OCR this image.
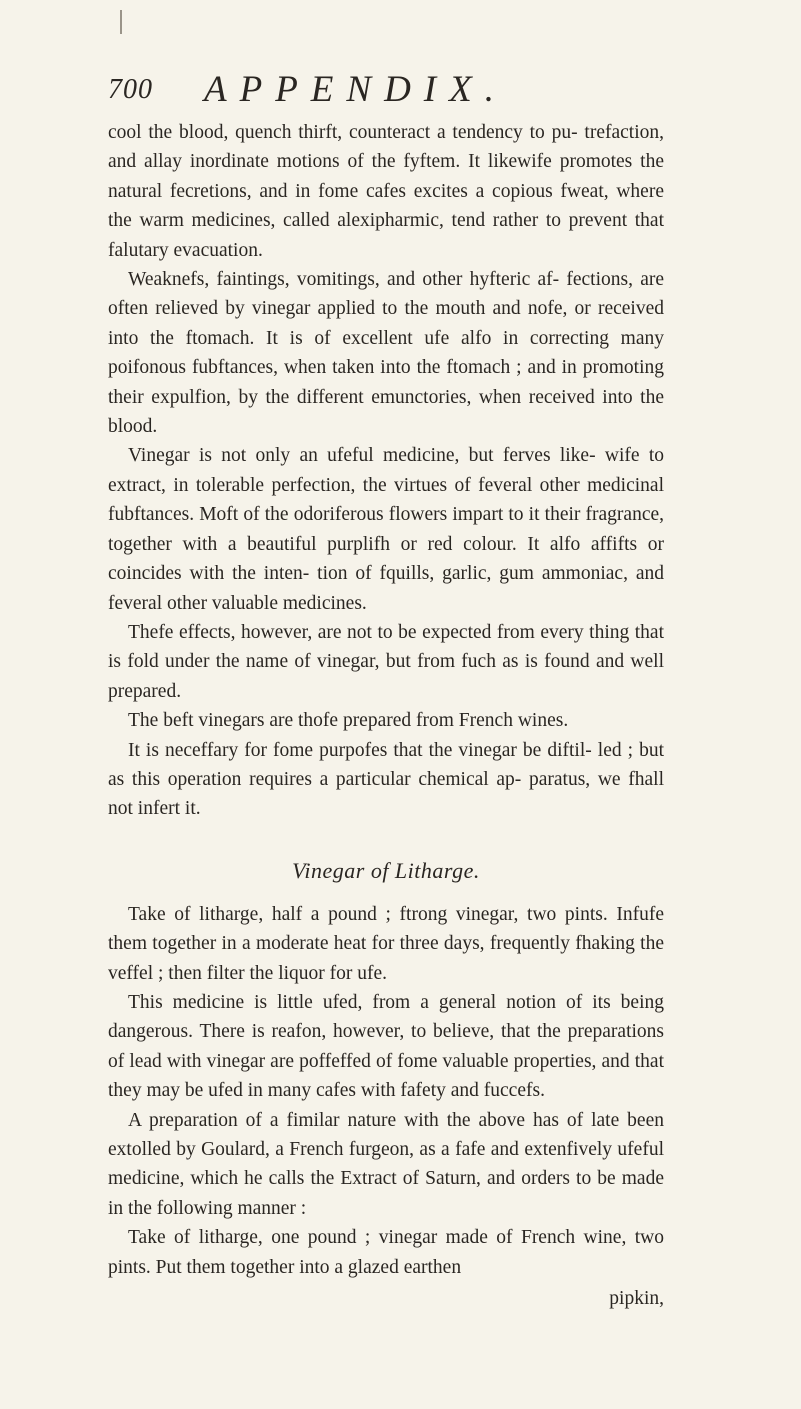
700 APPENDIX.

cool the blood, quench thirft, counteract a tendency to pu- trefaction, and allay inordinate motions of the fyftem. It likewife promotes the natural fecretions, and in fome cafes excites a copious fweat, where the warm medicines, called alexipharmic, tend rather to prevent that falutary evacuation.

Weaknefs, faintings, vomitings, and other hyfteric af- fections, are often relieved by vinegar applied to the mouth and nofe, or received into the ftomach. It is of excellent ufe alfo in correcting many poifonous fubftances, when taken into the ftomach ; and in promoting their expulfion, by the different emunctories, when received into the blood.

Vinegar is not only an ufeful medicine, but ferves like- wife to extract, in tolerable perfection, the virtues of feveral other medicinal fubftances. Moft of the odoriferous flowers impart to it their fragrance, together with a beautiful purplifh or red colour. It alfo affifts or coincides with the inten- tion of fquills, garlic, gum ammoniac, and feveral other valuable medicines.

Thefe effects, however, are not to be expected from every thing that is fold under the name of vinegar, but from fuch as is found and well prepared.

The beft vinegars are thofe prepared from French wines.

It is neceffary for fome purpofes that the vinegar be diftil- led ; but as this operation requires a particular chemical ap- paratus, we fhall not infert it.

Vinegar of Litharge.

Take of litharge, half a pound ; ftrong vinegar, two pints. Infufe them together in a moderate heat for three days, frequently fhaking the veffel ; then filter the liquor for ufe.

This medicine is little ufed, from a general notion of its being dangerous. There is reafon, however, to believe, that the preparations of lead with vinegar are poffeffed of fome valuable properties, and that they may be ufed in many cafes with fafety and fuccefs.

A preparation of a fimilar nature with the above has of late been extolled by Goulard, a French furgeon, as a fafe and extenfively ufeful medicine, which he calls the Extract of Saturn, and orders to be made in the following manner :

Take of litharge, one pound ; vinegar made of French wine, two pints. Put them together into a glazed earthen

pipkin,
